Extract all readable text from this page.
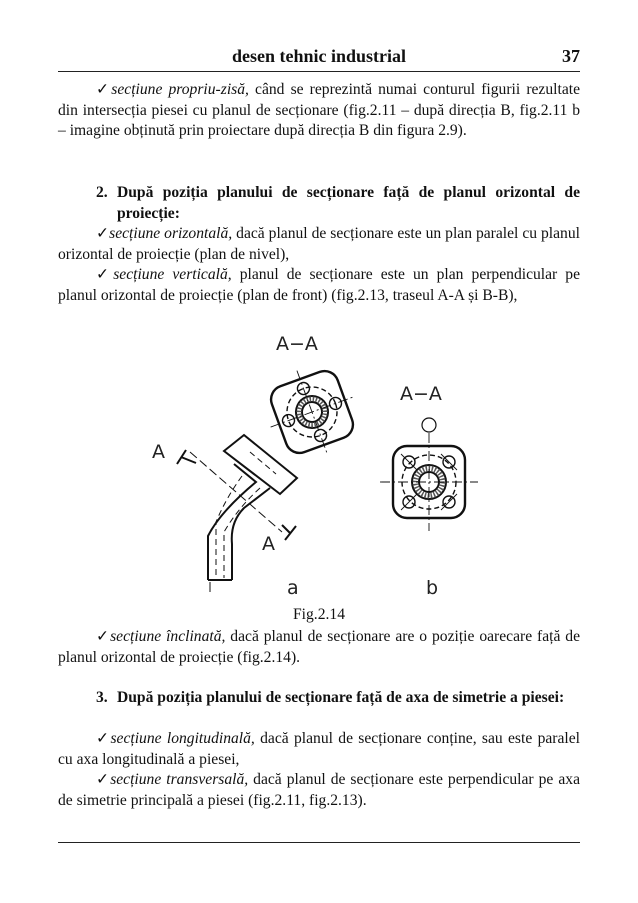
desen tehnic industrial	37

✓secțiune propriu-zisă, când se reprezintă numai conturul figurii rezultate din intersecția piesei cu planul de secționare (fig.2.11 – după direcția B, fig.2.11 b – imagine obținută prin proiectare după direcția B din figura 2.9).

2. După poziția planului de secționare față de planul orizontal de proiecție:

✓secțiune orizontală, dacă planul de secționare este un plan paralel cu planul orizontal de proiecție (plan de nivel),

✓secțiune verticală, planul de secționare este un plan perpendicular pe planul orizontal de proiecție (plan de front) (fig.2.13, traseul A-A și B-B),

A−A
A−A
A
A
a	b
Fig.2.14

✓secțiune înclinată, dacă planul de secționare are o poziție oarecare față de planul orizontal de proiecție (fig.2.14).

3. După poziția planului de secționare față de axa de simetrie a piesei:

✓secțiune longitudinală, dacă planul de secționare conține, sau este paralel cu axa longitudinală a piesei,

✓secțiune transversală, dacă planul de secționare este perpendicular pe axa de simetrie principală a piesei (fig.2.11, fig.2.13).
